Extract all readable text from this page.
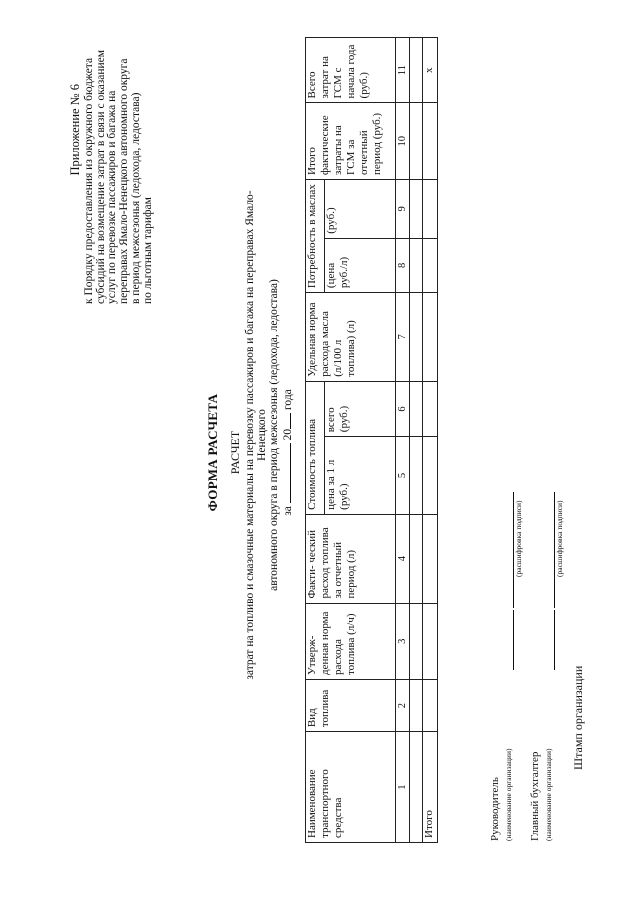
Приложение № 6 к Порядку предоставления из окружного бюджета субсидий на возмещение затрат в связи с оказанием услуг по перевозке пассажиров и багажа на переправах Ямало-Ненецкого автономного округа в период межсезонья (ледохода, ледостава) по льготным тарифам
ФОРМА РАСЧЕТА РАСЧЕТ затрат на топливо и смазочные материалы на перевозку пассажиров и багажа на переправах Ямало-Ненецкого автономного округа в период межсезонья (ледохода, ледостава) за  20 года
Наименование транспортного средства	Вид топлива	Утверж- денная норма расхода топлива (л/ч)	Факти- ческий расход топлива за отчетный период (л)	Стоимость топлива		Удельная норма расхода масла (л/100 л топлива) (л)	Потребность в маслах		Итого фактические затраты на ГСМ за отчетный период (руб.)	Всего затрат на ГСМ с начала года (руб.)
				цена за 1 л (руб.)	всего (руб.)		(цена руб./л)	(руб.)		
1	2	3	4	5	6	7	8	9	10	11

Итого										х
Руководитель (наименование организации)
(расшифровка подписи)
Главный бухгалтер (наименование организации)
(расшифровка подписи)
Штамп организации
